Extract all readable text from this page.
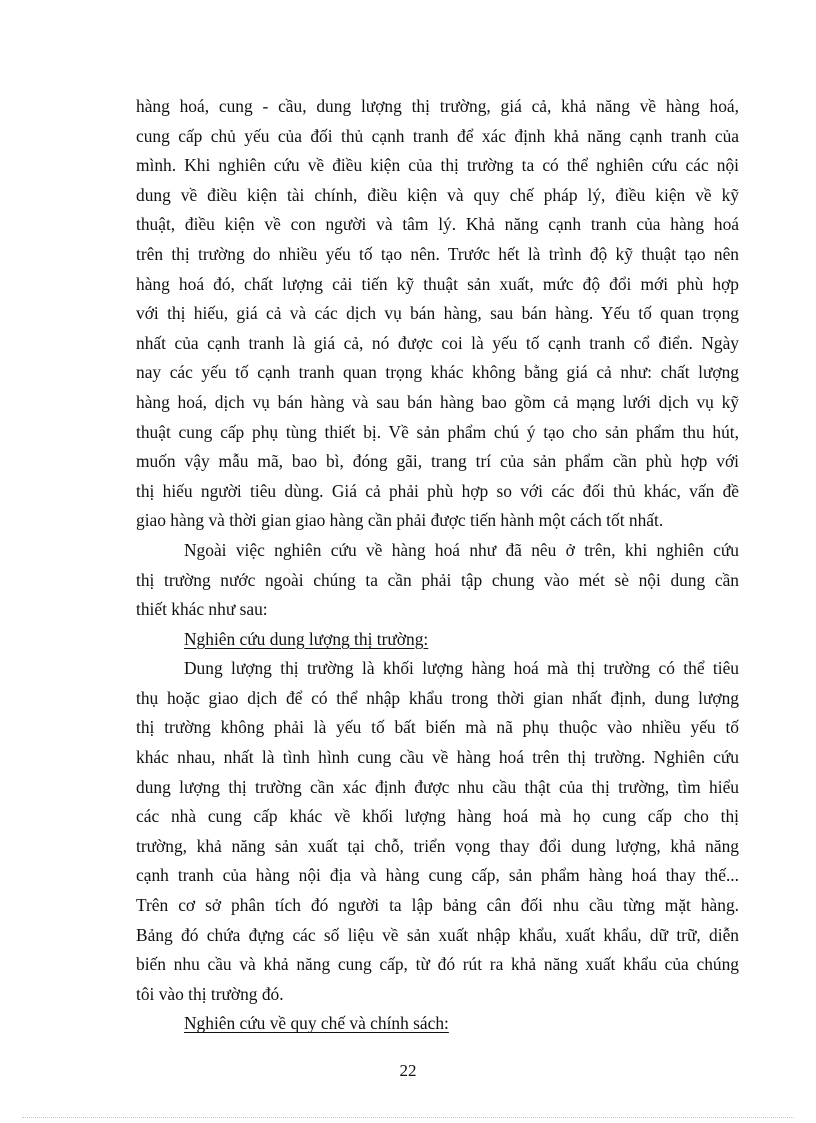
hàng hoá, cung - cầu, dung lượng thị trường, giá cả, khả năng về hàng hoá,
cung cấp chủ yếu của đối thủ cạnh tranh để xác định khả năng cạnh tranh của
mình. Khi nghiên cứu về điều kiện của thị trường ta có thể nghiên cứu các nội
dung về điều kiện tài chính, điều kiện và quy chế pháp lý, điều kiện về kỹ
thuật, điều kiện về con người và tâm lý. Khả năng cạnh tranh của hàng hoá
trên thị trường do nhiều yếu tố tạo nên. Trước hết là trình độ kỹ thuật tạo nên
hàng hoá đó, chất lượng cải tiến kỹ thuật sản xuất, mức độ đổi mới phù hợp
với thị hiếu, giá cả và các dịch vụ bán hàng, sau bán hàng. Yếu tố quan trọng
nhất của cạnh tranh là giá cả, nó được coi là yếu tố cạnh tranh cổ điển. Ngày
nay các yếu tố cạnh tranh quan trọng khác không bằng giá cả như: chất lượng
hàng hoá, dịch vụ bán hàng và sau bán hàng bao gồm cả mạng lưới dịch vụ kỹ
thuật cung cấp phụ tùng thiết bị. Về sản phẩm chú ý tạo cho sản phẩm thu hút,
muốn vậy mẫu mã, bao bì, đóng gãi, trang trí của sản phẩm cần phù hợp với
thị hiếu người tiêu dùng. Giá cả phải phù hợp so với các đối thủ khác, vấn đề
giao hàng và thời gian giao hàng cần phải được tiến hành một cách tốt nhất.
Ngoài việc nghiên cứu về hàng hoá như đã nêu ở trên, khi nghiên cứu
thị trường nước ngoài chúng ta cần phải tập chung vào mét sè nội dung cần
thiết khác như sau:
Nghiên cứu dung lượng thị trường:
Dung lượng thị trường là khối lượng hàng hoá mà thị trường có thể tiêu
thụ hoặc giao dịch để có thể nhập khẩu trong thời gian nhất định, dung lượng
thị trường không phải là yếu tố bất biến mà nã phụ thuộc vào nhiều yếu tố
khác nhau, nhất là tình hình cung cầu về hàng hoá trên thị trường. Nghiên cứu
dung lượng thị trường cần xác định được nhu cầu thật của thị trường, tìm hiểu
các nhà cung cấp khác về khối lượng hàng hoá mà họ cung cấp cho thị
trường, khả năng sản xuất tại chỗ, triển vọng thay đổi dung lượng, khả năng
cạnh tranh của hàng nội địa và hàng cung cấp, sản phẩm hàng hoá thay thế...
Trên cơ sở phân tích đó người ta lập bảng cân đối nhu cầu từng mặt hàng.
Bảng đó chứa đựng các số liệu về sản xuất nhập khẩu, xuất khẩu, dữ trữ, diễn
biến nhu cầu và khả năng cung cấp, từ đó rút ra khả năng xuất khẩu của chúng
tôi vào thị trường đó.
Nghiên cứu về quy chế và chính sách:
22
